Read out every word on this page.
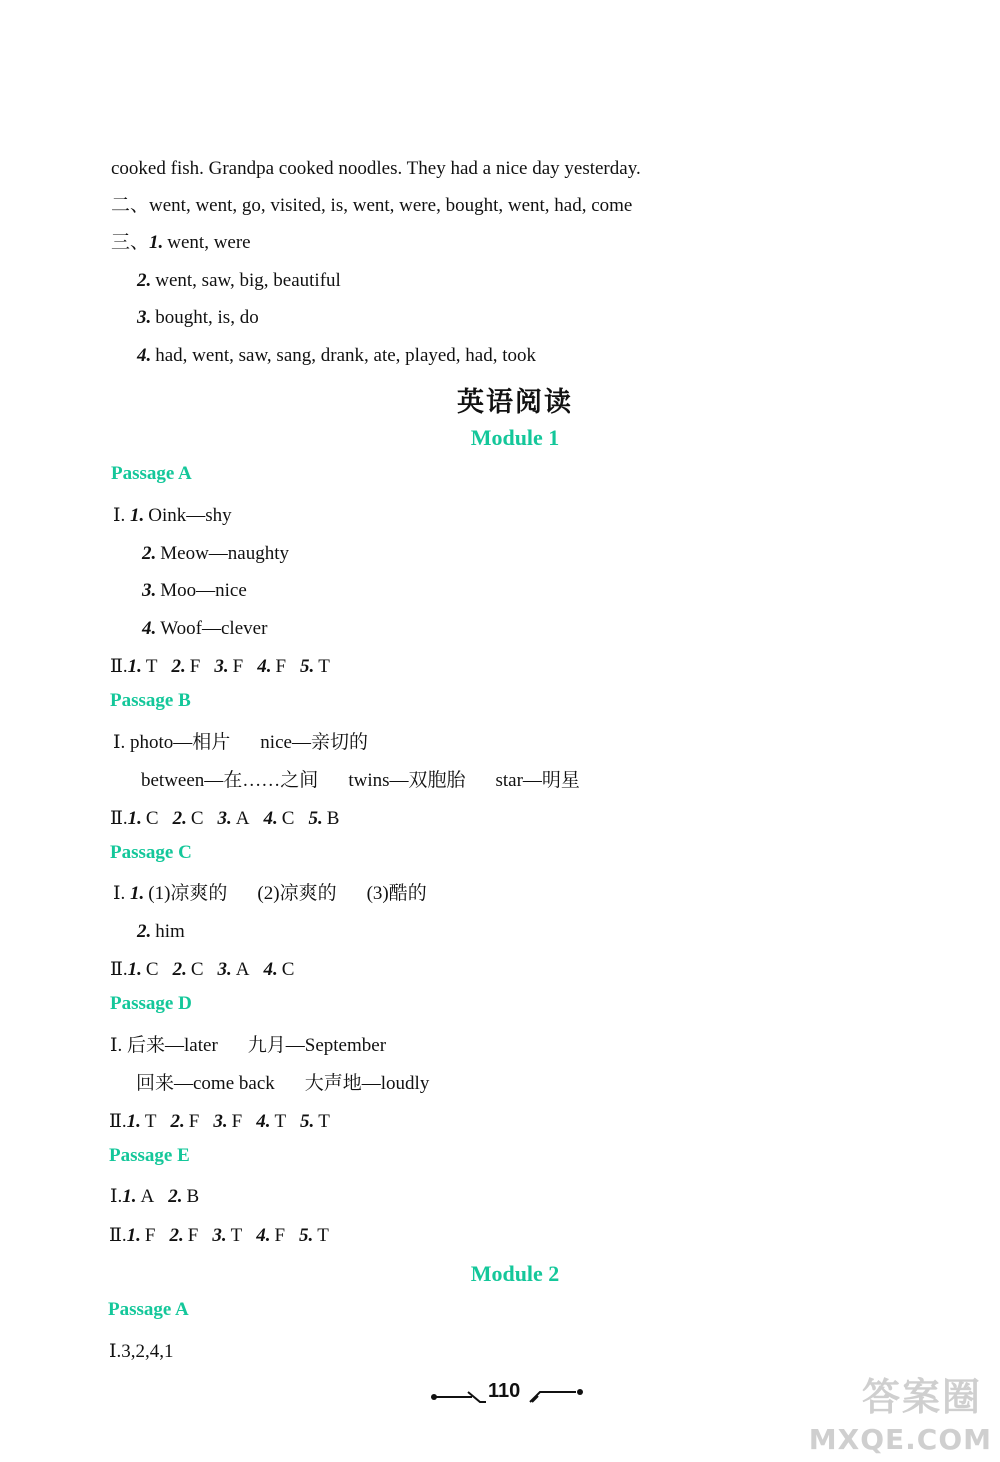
cooked fish. Grandpa cooked noodles. They had a nice day yesterday.
二、went, went, go, visited, is, went, were, bought, went, had, come
三、1. went, were
2. went, saw, big, beautiful
3. bought, is, do
4. had, went, saw, sang, drank, ate, played, had, took
英语阅读
Module 1
Passage A
Ⅰ. 1. Oink—shy
2. Meow—naughty
3. Moo—nice
4. Woof—clever
Ⅱ.1. T 2. F 3. F 4. F 5. T
Passage B
Ⅰ. photo—相片 nice—亲切的
between—在……之间 twins—双胞胎 star—明星
Ⅱ.1. C 2. C 3. A 4. C 5. B
Passage C
Ⅰ. 1. (1)凉爽的 (2)凉爽的 (3)酷的
2. him
Ⅱ.1. C 2. C 3. A 4. C
Passage D
Ⅰ. 后来—later 九月—September
回来—come back 大声地—loudly
Ⅱ.1. T 2. F 3. F 4. T 5. T
Passage E
Ⅰ.1. A 2. B
Ⅱ.1. F 2. F 3. T 4. F 5. T
Module 2
Passage A
Ⅰ.3,2,4,1
110	答案圈
MXQE.COM
